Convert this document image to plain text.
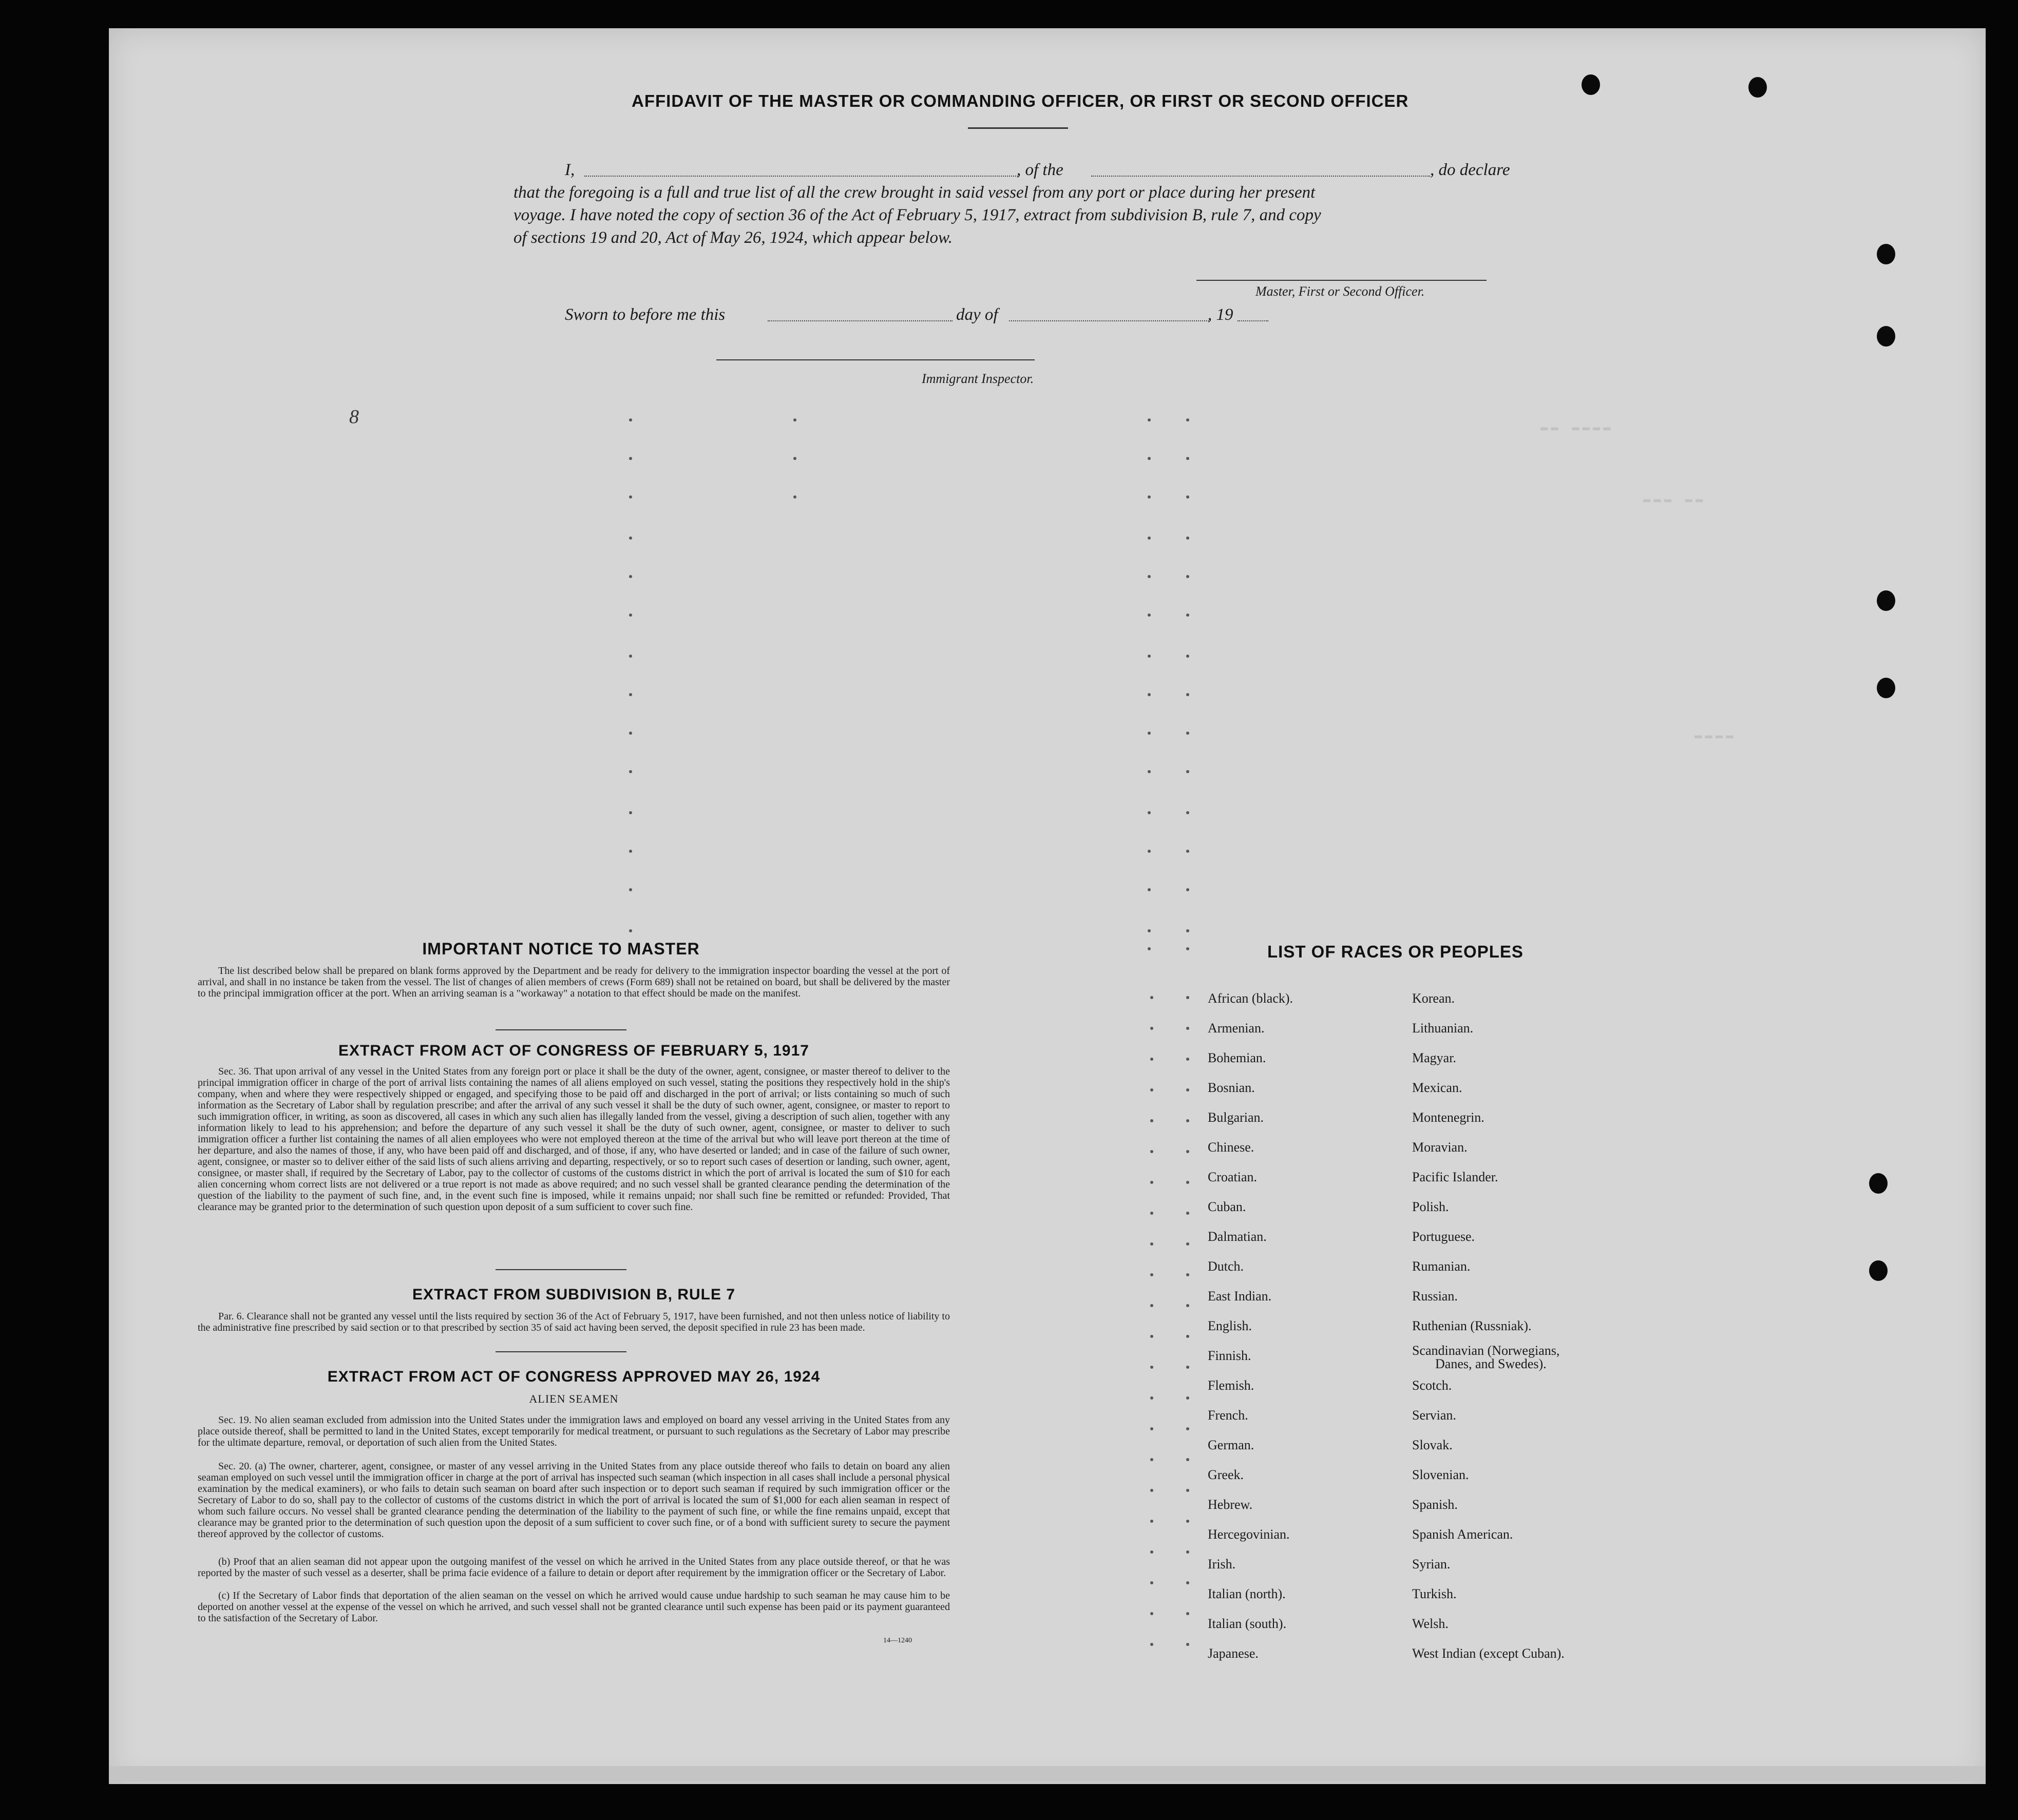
▬▬ ▬▬▬▬
▬▬▬ ▬▬
▬▬▬▬
AFFIDAVIT OF THE MASTER OR COMMANDING OFFICER, OR FIRST OR SECOND OFFICER
I,	, of the	, do declare
that the foregoing is a full and true list of all the crew brought in said vessel from any port or place during her present
voyage. I have noted the copy of section 36 of the Act of February 5, 1917, extract from subdivision B, rule 7, and copy
of sections 19 and 20, Act of May 26, 1924, which appear below.
Master, First or Second Officer.
Sworn to before me this	day of	, 19
Immigrant Inspector.
8
IMPORTANT NOTICE TO MASTER
The list described below shall be prepared on blank forms approved by the Department and be ready for delivery to the immigration inspector boarding the vessel at the port of arrival, and shall in no instance be taken from the vessel. The list of changes of alien members of crews (Form 689) shall not be retained on board, but shall be delivered by the master to the principal immigration officer at the port. When an arriving seaman is a "workaway" a notation to that effect should be made on the manifest.
EXTRACT FROM ACT OF CONGRESS OF FEBRUARY 5, 1917
Sec. 36. That upon arrival of any vessel in the United States from any foreign port or place it shall be the duty of the owner, agent, consignee, or master thereof to deliver to the principal immigration officer in charge of the port of arrival lists containing the names of all aliens employed on such vessel, stating the positions they respectively hold in the ship's company, when and where they were respectively shipped or engaged, and specifying those to be paid off and discharged in the port of arrival; or lists containing so much of such information as the Secretary of Labor shall by regulation prescribe; and after the arrival of any such vessel it shall be the duty of such owner, agent, consignee, or master to report to such immigration officer, in writing, as soon as discovered, all cases in which any such alien has illegally landed from the vessel, giving a description of such alien, together with any information likely to lead to his apprehension; and before the departure of any such vessel it shall be the duty of such owner, agent, consignee, or master to deliver to such immigration officer a further list containing the names of all alien employees who were not employed thereon at the time of the arrival but who will leave port thereon at the time of her departure, and also the names of those, if any, who have been paid off and discharged, and of those, if any, who have deserted or landed; and in case of the failure of such owner, agent, consignee, or master so to deliver either of the said lists of such aliens arriving and departing, respectively, or so to report such cases of desertion or landing, such owner, agent, consignee, or master shall, if required by the Secretary of Labor, pay to the collector of customs of the customs district in which the port of arrival is located the sum of $10 for each alien concerning whom correct lists are not delivered or a true report is not made as above required; and no such vessel shall be granted clearance pending the determination of the question of the liability to the payment of such fine, and, in the event such fine is imposed, while it remains unpaid; nor shall such fine be remitted or refunded: Provided, That clearance may be granted prior to the determination of such question upon deposit of a sum sufficient to cover such fine.
EXTRACT FROM SUBDIVISION B, RULE 7
Par. 6. Clearance shall not be granted any vessel until the lists required by section 36 of the Act of February 5, 1917, have been furnished, and not then unless notice of liability to the administrative fine prescribed by said section or to that prescribed by section 35 of said act having been served, the deposit specified in rule 23 has been made.
EXTRACT FROM ACT OF CONGRESS APPROVED MAY 26, 1924
ALIEN SEAMEN
Sec. 19. No alien seaman excluded from admission into the United States under the immigration laws and employed on board any vessel arriving in the United States from any place outside thereof, shall be permitted to land in the United States, except temporarily for medical treatment, or pursuant to such regulations as the Secretary of Labor may prescribe for the ultimate departure, removal, or deportation of such alien from the United States.
Sec. 20. (a) The owner, charterer, agent, consignee, or master of any vessel arriving in the United States from any place outside thereof who fails to detain on board any alien seaman employed on such vessel until the immigration officer in charge at the port of arrival has inspected such seaman (which inspection in all cases shall include a personal physical examination by the medical examiners), or who fails to detain such seaman on board after such inspection or to deport such seaman if required by such immigration officer or the Secretary of Labor to do so, shall pay to the collector of customs of the customs district in which the port of arrival is located the sum of $1,000 for each alien seaman in respect of whom such failure occurs. No vessel shall be granted clearance pending the determination of the liability to the payment of such fine, or while the fine remains unpaid, except that clearance may be granted prior to the determination of such question upon the deposit of a sum sufficient to cover such fine, or of a bond with sufficient surety to secure the payment thereof approved by the collector of customs.
(b) Proof that an alien seaman did not appear upon the outgoing manifest of the vessel on which he arrived in the United States from any place outside thereof, or that he was reported by the master of such vessel as a deserter, shall be prima facie evidence of a failure to detain or deport after requirement by the immigration officer or the Secretary of Labor.
(c) If the Secretary of Labor finds that deportation of the alien seaman on the vessel on which he arrived would cause undue hardship to such seaman he may cause him to be deported on another vessel at the expense of the vessel on which he arrived, and such vessel shall not be granted clearance until such expense has been paid or its payment guaranteed to the satisfaction of the Secretary of Labor.
14—1240
LIST OF RACES OR PEOPLES
African (black).
Armenian.
Bohemian.
Bosnian.
Bulgarian.
Chinese.
Croatian.
Cuban.
Dalmatian.
Dutch.
East Indian.
English.
Finnish.
Flemish.
French.
German.
Greek.
Hebrew.
Hercegovinian.
Irish.
Italian (north).
Italian (south).
Japanese.
Korean.
Lithuanian.
Magyar.
Mexican.
Montenegrin.
Moravian.
Pacific Islander.
Polish.
Portuguese.
Rumanian.
Russian.
Ruthenian (Russniak).
Scandinavian (Norwegians,
Danes, and Swedes).
Scotch.
Servian.
Slovak.
Slovenian.
Spanish.
Spanish American.
Syrian.
Turkish.
Welsh.
West Indian (except Cuban).
